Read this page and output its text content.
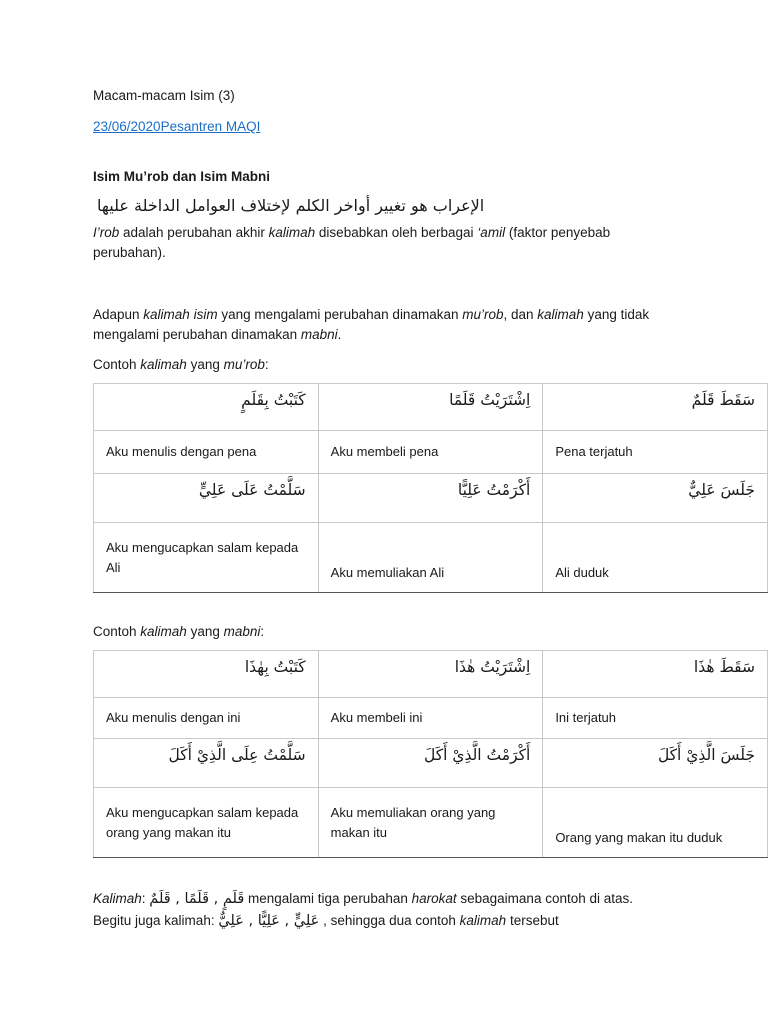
Macam-macam Isim (3)
23/06/2020Pesantren MAQI
Isim Mu’rob dan Isim Mabni
الإعراب هو تغيير أواخر الكلم لإختلاف العوامل الداخلة عليها
I’rob adalah perubahan akhir kalimah disebabkan oleh berbagai ‘amil (faktor penyebab perubahan).
Adapun kalimah isim yang mengalami perubahan dinamakan mu’rob, dan kalimah yang tidak mengalami perubahan dinamakan mabni.
Contoh kalimah yang mu’rob:
كَتَبْتُ بِقَلَمٍ	اِشْتَرَيْتُ قَلَمًا	سَقَطَ قَلَمٌ
Aku menulis dengan pena	Aku membeli pena	Pena terjatuh
سَلَّمْتُ عَلَى عَلِيٍّ	أَكْرَمْتُ عَلِيًّا	جَلَسَ عَلِيٌّ
Aku mengucapkan salam kepada Ali	Aku memuliakan Ali	Ali duduk
Contoh kalimah yang mabni:
كَتَبْتُ بِهٰذَا	اِشْتَرَيْتُ هٰذَا	سَقَطَ هٰذَا
Aku menulis dengan ini	Aku membeli ini	Ini terjatuh
سَلَّمْتُ عِلَى الَّذِيْ أَكَلَ	أَكْرَمْتُ الَّذِيْ أَكَلَ	جَلَسَ الَّذِيْ أَكَلَ
Aku mengucapkan salam kepada orang yang makan itu	Aku memuliakan orang yang makan itu	Orang yang makan itu duduk
Kalimah: قَلَمٍ , قَلَمًا , قَلَمٌ mengalami tiga perubahan harokat sebagaimana contoh di atas. Begitu juga kalimah: عَلِيٍّ , عَلِيًّا , عَلِيٌّ , sehingga dua contoh kalimah tersebut
